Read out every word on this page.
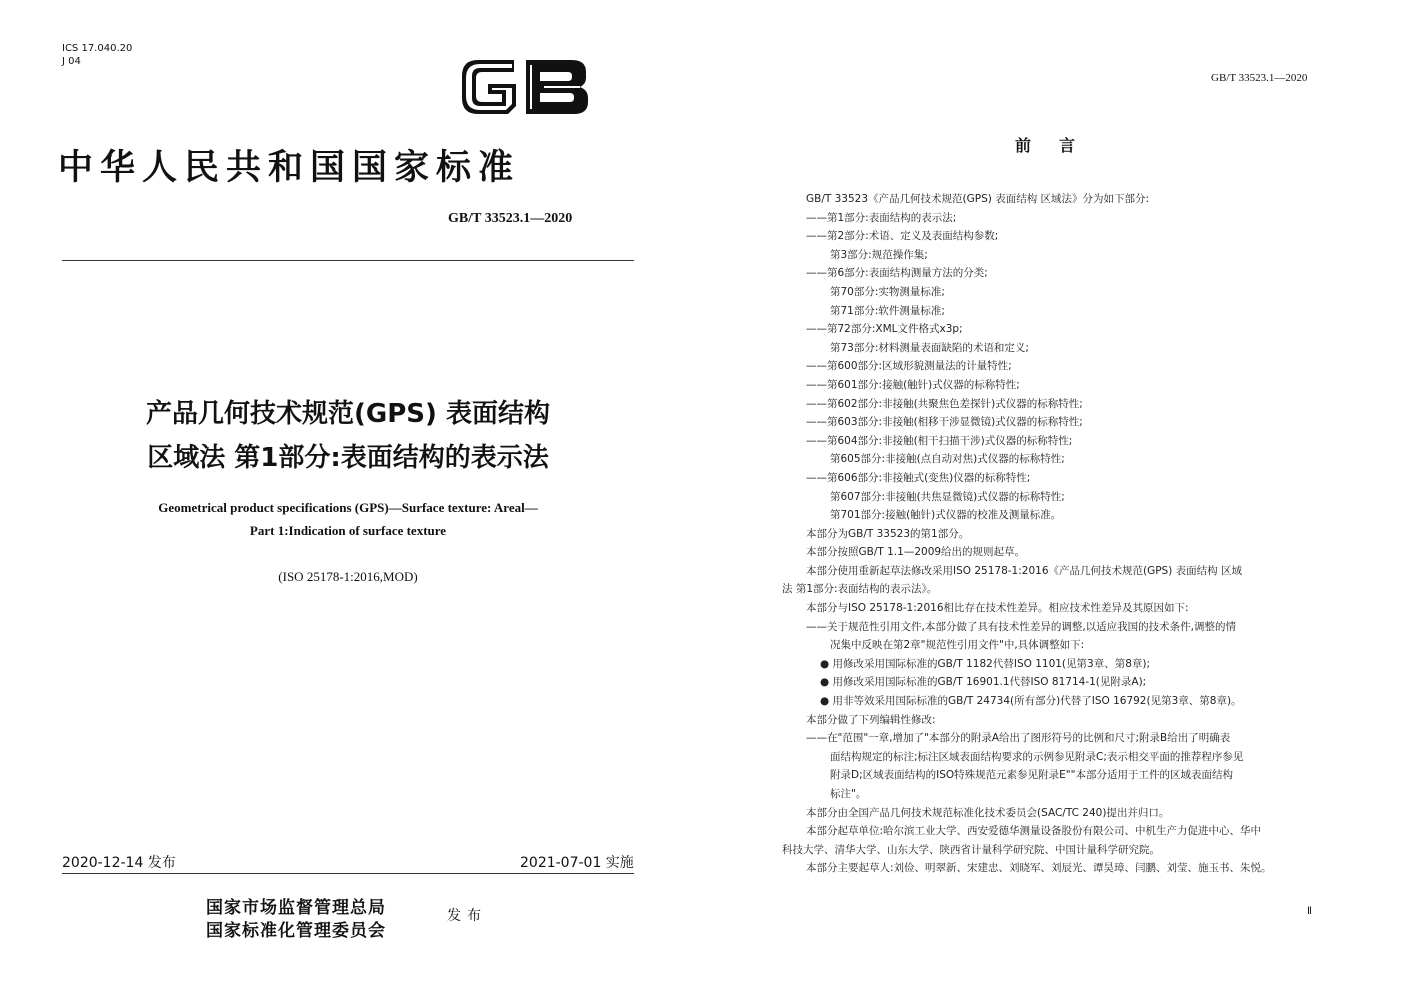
ICS 17.040.20
J 04
中华人民共和国国家标准
GB/T 33523.1—2020
产品几何技术规范(GPS) 表面结构
区域法 第1部分:表面结构的表示法
Geometrical product specifications (GPS)—Surface texture: Areal—
Part 1:Indication of surface texture
(ISO 25178-1:2016,MOD)
2020-12-14 发布	2021-07-01 实施
国家市场监督管理总局
国家标准化管理委员会
发布
GB/T 33523.1—2020
前言
GB/T 33523《产品几何技术规范(GPS) 表面结构 区域法》分为如下部分:
——第1部分:表面结构的表示法;
——第2部分:术语、定义及表面结构参数;
第3部分:规范操作集;
——第6部分:表面结构测量方法的分类;
第70部分:实物测量标准;
第71部分:软件测量标准;
——第72部分:XML文件格式x3p;
第73部分:材料测量表面缺陷的术语和定义;
——第600部分:区域形貌测量法的计量特性;
——第601部分:接触(触针)式仪器的标称特性;
——第602部分:非接触(共聚焦色差探针)式仪器的标称特性;
——第603部分:非接触(相移干涉显微镜)式仪器的标称特性;
——第604部分:非接触(相干扫描干涉)式仪器的标称特性;
第605部分:非接触(点自动对焦)式仪器的标称特性;
——第606部分:非接触式(变焦)仪器的标称特性;
第607部分:非接触(共焦显微镜)式仪器的标称特性;
第701部分:接触(触针)式仪器的校准及测量标准。
本部分为GB/T 33523的第1部分。
本部分按照GB/T 1.1—2009给出的规则起草。
本部分使用重新起草法修改采用ISO 25178-1:2016《产品几何技术规范(GPS) 表面结构 区域
法 第1部分:表面结构的表示法》。
本部分与ISO 25178-1:2016相比存在技术性差异。相应技术性差异及其原因如下:
——关于规范性引用文件,本部分做了具有技术性差异的调整,以适应我国的技术条件,调整的情
况集中反映在第2章"规范性引用文件"中,具体调整如下:
● 用修改采用国际标准的GB/T 1182代替ISO 1101(见第3章、第8章);
● 用修改采用国际标准的GB/T 16901.1代替ISO 81714-1(见附录A);
● 用非等效采用国际标准的GB/T 24734(所有部分)代替了ISO 16792(见第3章、第8章)。
本部分做了下列编辑性修改:
——在"范围"一章,增加了"本部分的附录A给出了图形符号的比例和尺寸;附录B给出了明确表
面结构规定的标注;标注区域表面结构要求的示例参见附录C;表示相交平面的推荐程序参见
附录D;区域表面结构的ISO特殊规范元素参见附录E""本部分适用于工件的区域表面结构
标注"。
本部分由全国产品几何技术规范标准化技术委员会(SAC/TC 240)提出并归口。
本部分起草单位:哈尔滨工业大学、西安爱德华测量设备股份有限公司、中机生产力促进中心、华中
科技大学、清华大学、山东大学、陕西省计量科学研究院、中国计量科学研究院。
本部分主要起草人:刘俭、明翠新、宋建忠、刘晓军、刘辰光、谭昊璋、闫鹏、刘莹、施玉书、朱悦。
Ⅱ
